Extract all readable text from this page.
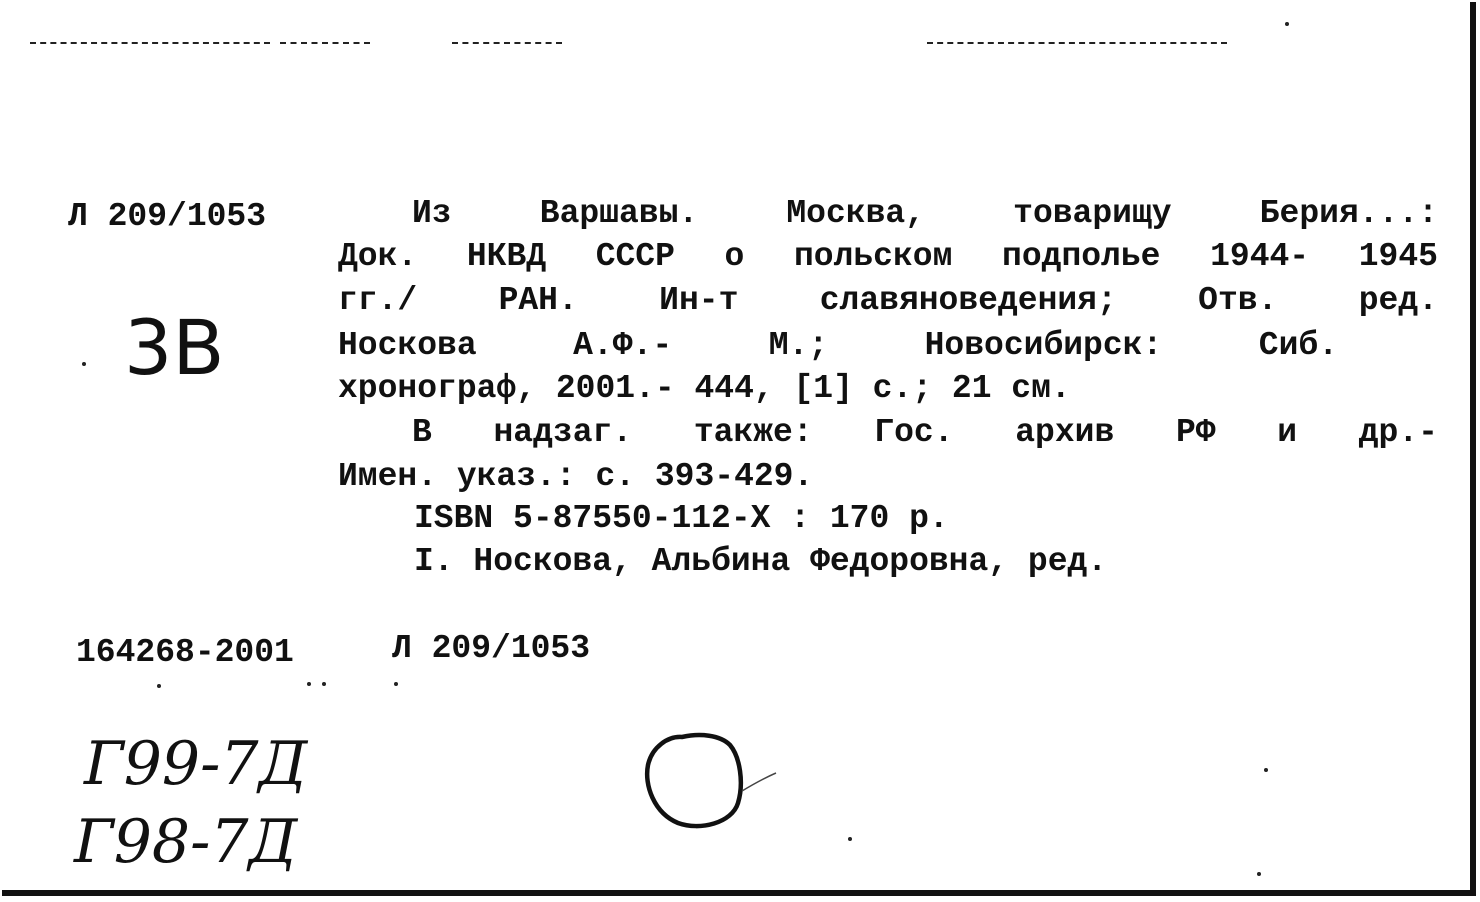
Л 209/1053
3В
Из	Варшавы.	Москва,	товарищу	Берия...:
Док. НКВД СССР о польском подполье 1944- 1945
гг./ РАН. Ин-т славяноведения; Отв. ред.
Носкова	А.Ф.-	М.;	Новосибирск:	Сиб.
хронограф, 2001.- 444, [1] с.; 21 см.
В надзаг. также: Гос. архив РФ и др.-
Имен. указ.: с. 393-429.
ISBN 5-87550-112-X : 170 р.
I. Носкова, Альбина Федоровна, ред.
164268-2001	Л 209/1053
Г99-7Д
Г98-7Д
